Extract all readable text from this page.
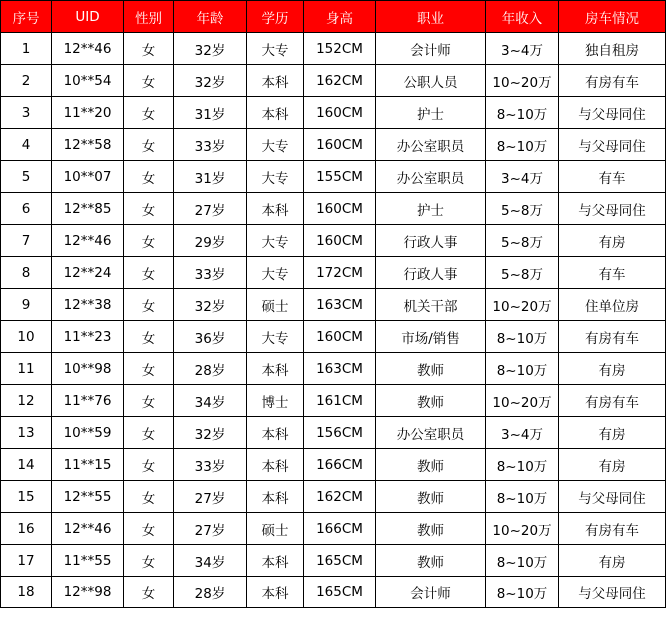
序号	UID	性别	年龄	学历	身高	职业	年收入	房车情况
1	12**46	女	32岁	大专	152CM	会计师	3~4万	独自租房
2	10**54	女	32岁	本科	162CM	公职人员	10~20万	有房有车
3	11**20	女	31岁	本科	160CM	护士	8~10万	与父母同住
4	12**58	女	33岁	大专	160CM	办公室职员	8~10万	与父母同住
5	10**07	女	31岁	大专	155CM	办公室职员	3~4万	有车
6	12**85	女	27岁	本科	160CM	护士	5~8万	与父母同住
7	12**46	女	29岁	大专	160CM	行政人事	5~8万	有房
8	12**24	女	33岁	大专	172CM	行政人事	5~8万	有车
9	12**38	女	32岁	硕士	163CM	机关干部	10~20万	住单位房
10	11**23	女	36岁	大专	160CM	市场/销售	8~10万	有房有车
11	10**98	女	28岁	本科	163CM	教师	8~10万	有房
12	11**76	女	34岁	博士	161CM	教师	10~20万	有房有车
13	10**59	女	32岁	本科	156CM	办公室职员	3~4万	有房
14	11**15	女	33岁	本科	166CM	教师	8~10万	有房
15	12**55	女	27岁	本科	162CM	教师	8~10万	与父母同住
16	12**46	女	27岁	硕士	166CM	教师	10~20万	有房有车
17	11**55	女	34岁	本科	165CM	教师	8~10万	有房
18	12**98	女	28岁	本科	165CM	会计师	8~10万	与父母同住
